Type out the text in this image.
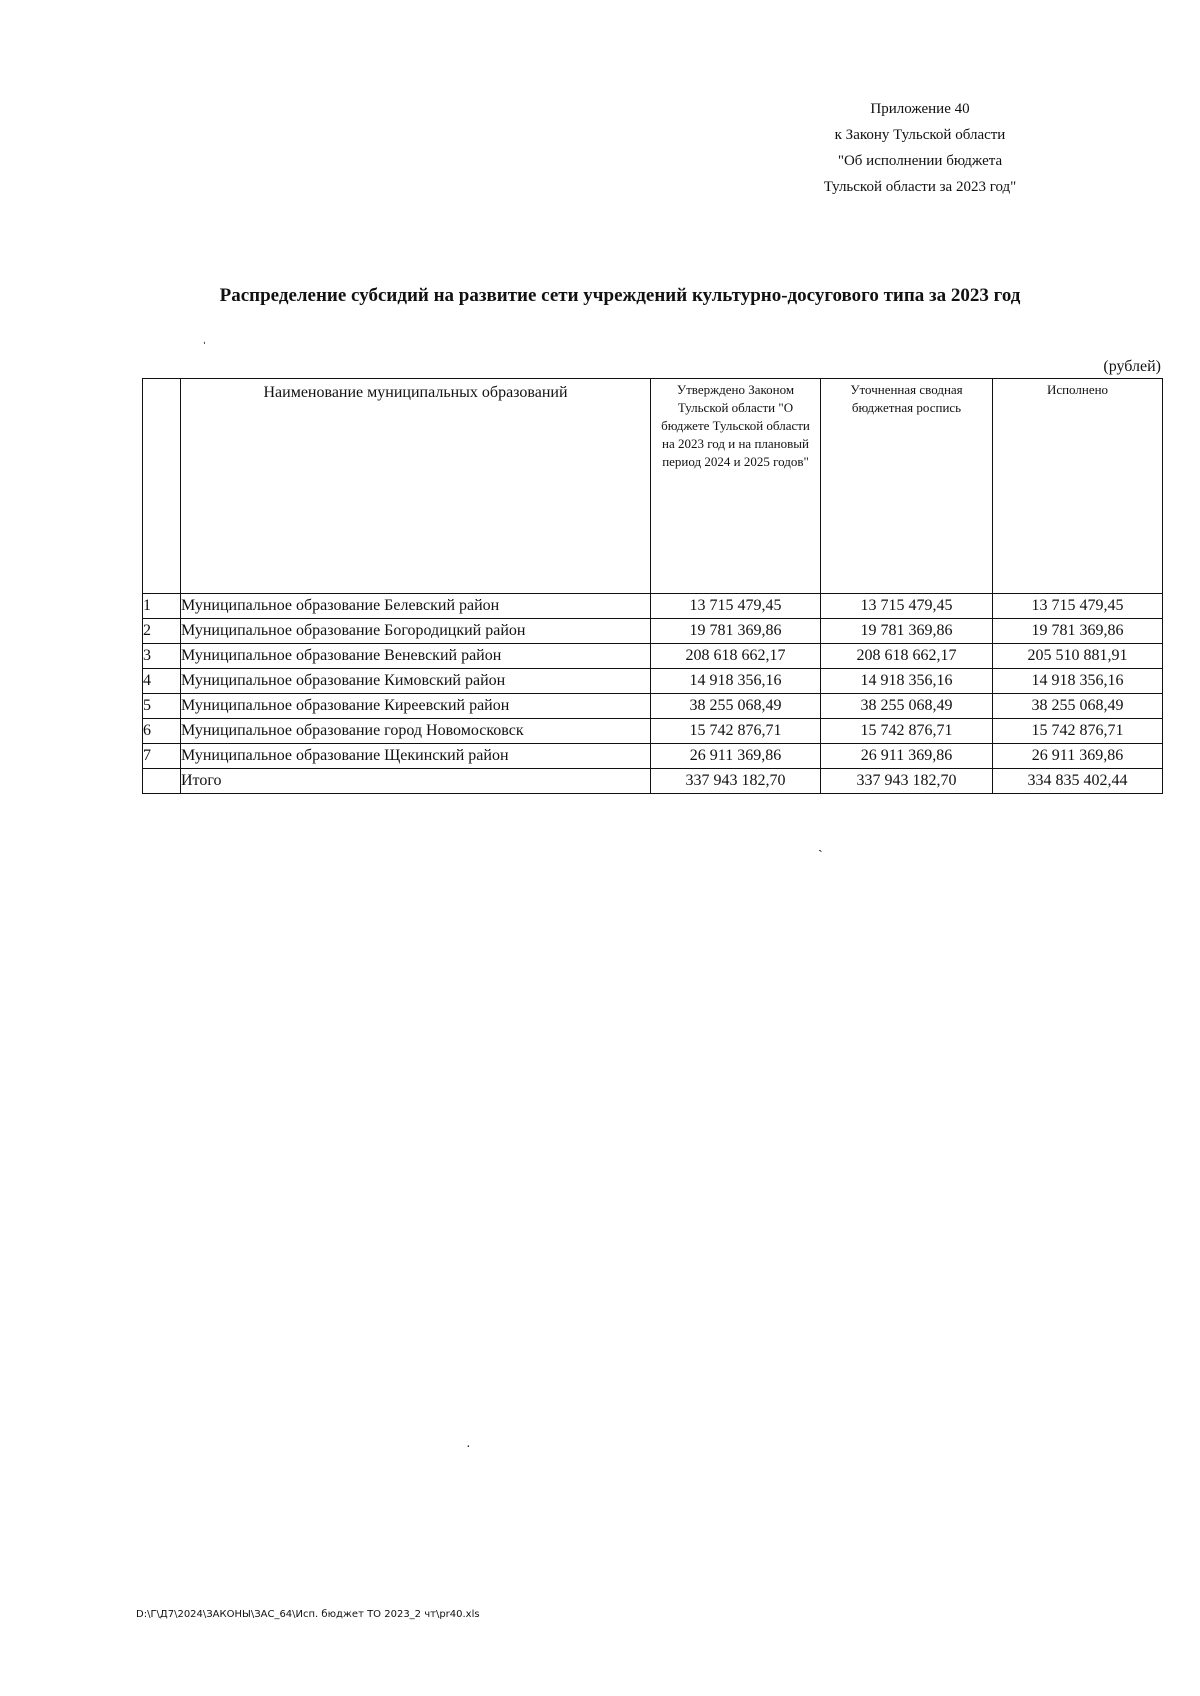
Приложение 40
к Закону Тульской области
"Об исполнении бюджета
Тульской области за 2023 год"
Распределение субсидий на развитие сети учреждений культурно-досугового типа за 2023 год
(рублей)
	Наименование муниципальных образований	Утверждено Законом Тульской области "О бюджете Тульской области на 2023 год и на плановый период 2024 и 2025 годов"	Уточненная сводная бюджетная роспись	Исполнено
1	Муниципальное образование Белевский район	13 715 479,45	13 715 479,45	13 715 479,45
2	Муниципальное образование Богородицкий район	19 781 369,86	19 781 369,86	19 781 369,86
3	Муниципальное образование Веневский район	208 618 662,17	208 618 662,17	205 510 881,91
4	Муниципальное образование Кимовский район	14 918 356,16	14 918 356,16	14 918 356,16
5	Муниципальное образование Киреевский район	38 255 068,49	38 255 068,49	38 255 068,49
6	Муниципальное образование город Новомосковск	15 742 876,71	15 742 876,71	15 742 876,71
7	Муниципальное образование Щекинский район	26 911 369,86	26 911 369,86	26 911 369,86
	Итого	337 943 182,70	337 943 182,70	334 835 402,44
ˌ
ˏ
·
D:\Г\Д7\2024\ЗАКОНЫ\ЗАС_64\Исп. бюджет ТО 2023_2 чт\pr40.xls
